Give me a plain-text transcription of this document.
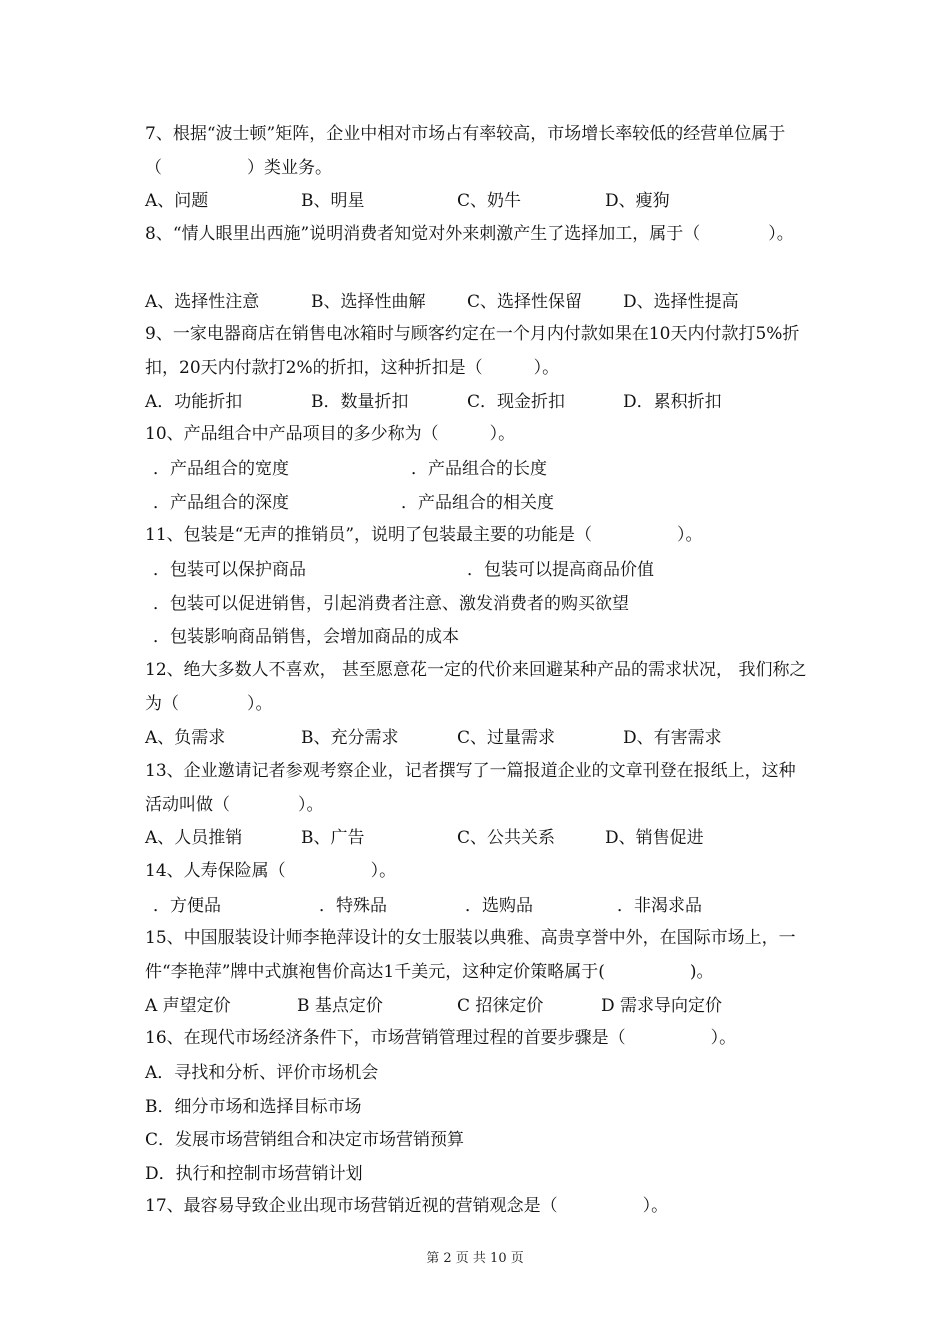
7、根据“波士顿”矩阵，企业中相对市场占有率较高，市场增长率较低的经营单位属于（　　　　　）类业务。

A、问题	B、明星	C、奶牛	D、瘦狗

8、“情人眼里出西施”说明消费者知觉对外来刺激产生了选择加工，属于（　　　　）。

A、选择性注意	B、选择性曲解 C、选择性保留 D、选择性提高

9、一家电器商店在销售电冰箱时与顾客约定在一个月内付款如果在10天内付款打5%折扣，20天内付款打2%的折扣，这种折扣是（　　　）。

A．功能折扣	B．数量折扣	C．现金折扣	D．累积折扣

10、产品组合中产品项目的多少称为（　　　）。

．产品组合的宽度	．产品组合的长度
．产品组合的深度	．产品组合的相关度

11、包装是“无声的推销员”，说明了包装最主要的功能是（　　　　　）。

．包装可以保护商品	．包装可以提高商品价值
．包装可以促进销售，引起消费者注意、激发消费者的购买欲望
．包装影响商品销售，会增加商品的成本

12、绝大多数人不喜欢， 甚至愿意花一定的代价来回避某种产品的需求状况， 我们称之为（　　　　）。

A、负需求	B、充分需求	C、过量需求	D、有害需求

13、企业邀请记者参观考察企业，记者撰写了一篇报道企业的文章刊登在报纸上，这种活动叫做（　　　　）。

A、人员推销	B、广告	C、公共关系	D、销售促进

14、人寿保险属（　　　　　）。

．方便品	．特殊品	．选购品	．非渴求品

15、中国服装设计师李艳萍设计的女士服装以典雅、高贵享誉中外，在国际市场上，一件“李艳萍”牌中式旗袍售价高达1千美元，这种定价策略属于(　　　　　)。

A 声望定价	B 基点定价	C 招徕定价	D 需求导向定价

16、在现代市场经济条件下，市场营销管理过程的首要步骤是（　　　　　）。

A．寻找和分析、评价市场机会
B．细分市场和选择目标市场
C．发展市场营销组合和决定市场营销预算
D．执行和控制市场营销计划

17、最容易导致企业出现市场营销近视的营销观念是（　　　　　）。

第 2 页 共 10 页
